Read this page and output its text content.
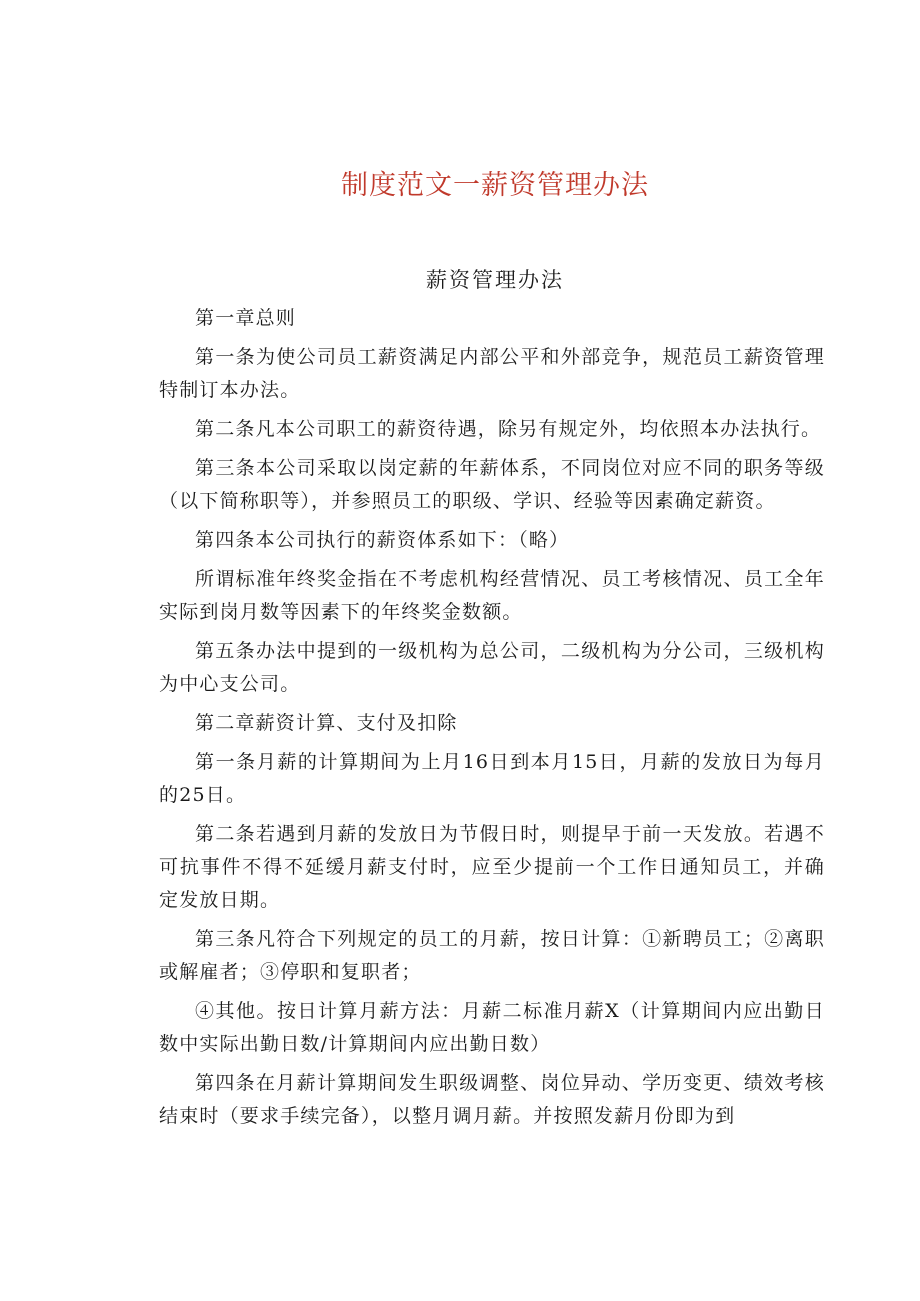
制度范文一薪资管理办法
薪资管理办法

第一章总则

第一条为使公司员工薪资满足内部公平和外部竞争，规范员工薪资管理特制订本办法。

第二条凡本公司职工的薪资待遇，除另有规定外，均依照本办法执行。

第三条本公司采取以岗定薪的年薪体系，不同岗位对应不同的职务等级（以下简称职等），并参照员工的职级、学识、经验等因素确定薪资。

第四条本公司执行的薪资体系如下：（略）

所谓标准年终奖金指在不考虑机构经营情况、员工考核情况、员工全年实际到岗月数等因素下的年终奖金数额。

第五条办法中提到的一级机构为总公司，二级机构为分公司，三级机构为中心支公司。

第二章薪资计算、支付及扣除

第一条月薪的计算期间为上月16日到本月15日，月薪的发放日为每月的25日。

第二条若遇到月薪的发放日为节假日时，则提早于前一天发放。若遇不可抗事件不得不延缓月薪支付时，应至少提前一个工作日通知员工，并确定发放日期。

第三条凡符合下列规定的员工的月薪，按日计算：①新聘员工；②离职或解雇者；③停职和复职者；

④其他。按日计算月薪方法：月薪二标准月薪X（计算期间内应出勤日数中实际出勤日数/计算期间内应出勤日数）

第四条在月薪计算期间发生职级调整、岗位异动、学历变更、绩效考核结束时（要求手续完备），以整月调月薪。并按照发薪月份即为到
